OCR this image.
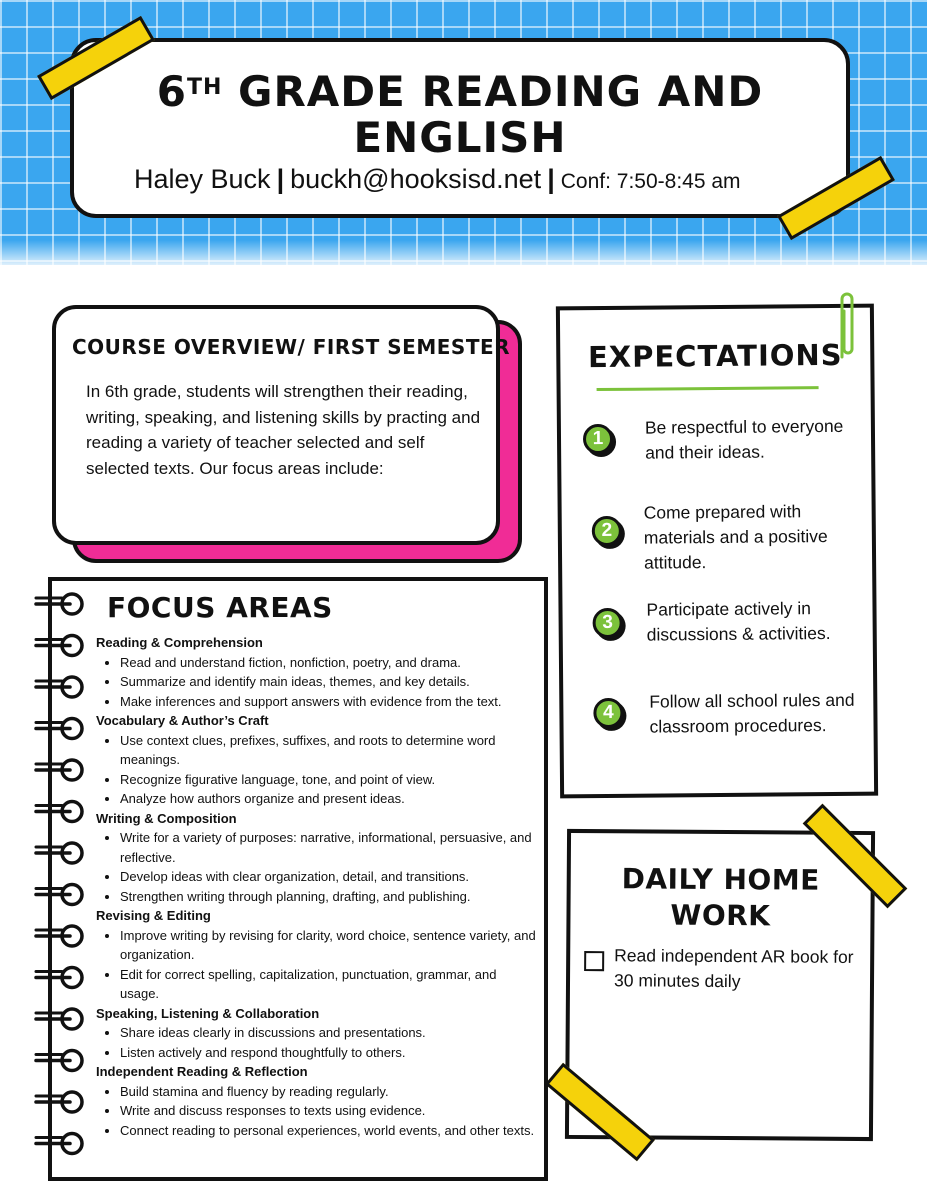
6TH GRADE READING AND
ENGLISH
Haley Buck | buckh@hooksisd.net | Conf: 7:50-8:45 am
COURSE OVERVIEW/ FIRST SEMESTER
In 6th grade, students will strengthen their reading, writing, speaking, and listening skills by practing and reading a variety of teacher selected and self selected texts. Our focus areas include:
EXPECTATIONS
1
Be respectful to everyone and their ideas.
2
Come prepared with materials and a positive attitude.
3
Participate actively in discussions & activities.
4
Follow all school rules and classroom procedures.
DAILY HOME
WORK
Read independent AR book for 30 minutes daily
FOCUS AREAS
Reading & Comprehension
• Read and understand fiction, nonfiction, poetry, and drama.
• Summarize and identify main ideas, themes, and key details.
• Make inferences and support answers with evidence from the text.
Vocabulary & Author’s Craft
• Use context clues, prefixes, suffixes, and roots to determine word meanings.
• Recognize figurative language, tone, and point of view.
• Analyze how authors organize and present ideas.
Writing & Composition
• Write for a variety of purposes: narrative, informational, persuasive, and reflective.
• Develop ideas with clear organization, detail, and transitions.
• Strengthen writing through planning, drafting, and publishing.
Revising & Editing
• Improve writing by revising for clarity, word choice, sentence variety, and organization.
• Edit for correct spelling, capitalization, punctuation, grammar, and usage.
Speaking, Listening & Collaboration
• Share ideas clearly in discussions and presentations.
• Listen actively and respond thoughtfully to others.
Independent Reading & Reflection
• Build stamina and fluency by reading regularly.
• Write and discuss responses to texts using evidence.
• Connect reading to personal experiences, world events, and other texts.
